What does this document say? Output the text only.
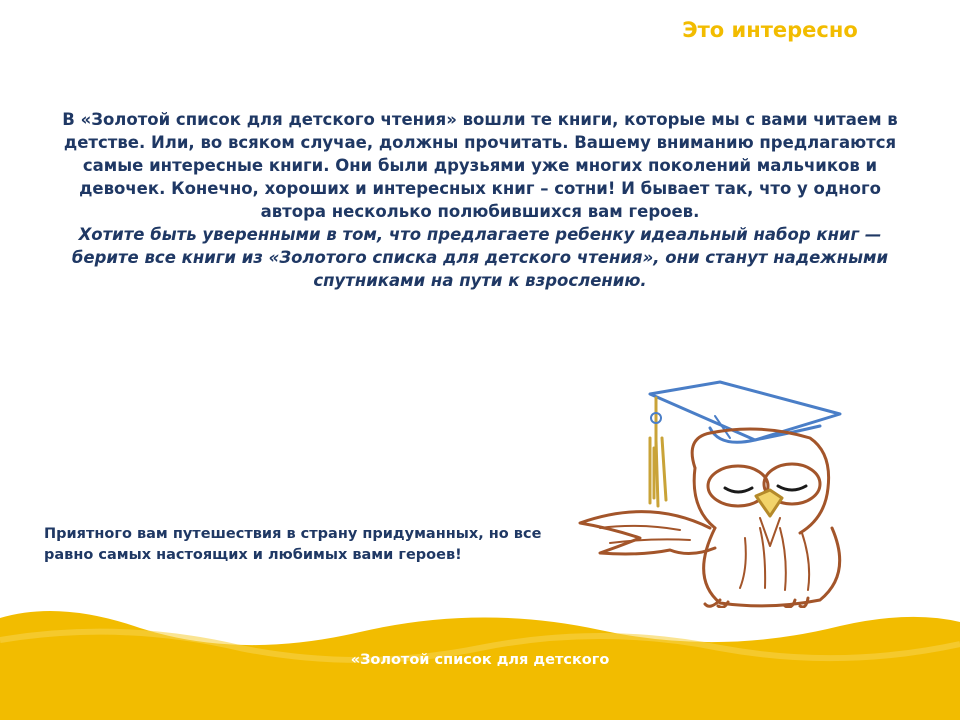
Это интересно

В «Золотой список для детского чтения» вошли те книги, которые мы с вами читаем в детстве. Или, во всяком случае, должны прочитать. Вашему вниманию предлагаются самые интересные книги. Они были друзьями уже многих поколений мальчиков и девочек. Конечно, хороших и интересных книг – сотни! И бывает так, что у одного автора несколько полюбившихся вам героев.

Хотите быть уверенными в том, что предлагаете ребенку идеальный набор книг — берите все книги из «Золотого списка для детского чтения», они станут надежными спутниками на пути к взрослению.

Приятного вам путешествия в страну придуманных, но все равно самых настоящих и любимых вами героев!
«Золотой список для детского
